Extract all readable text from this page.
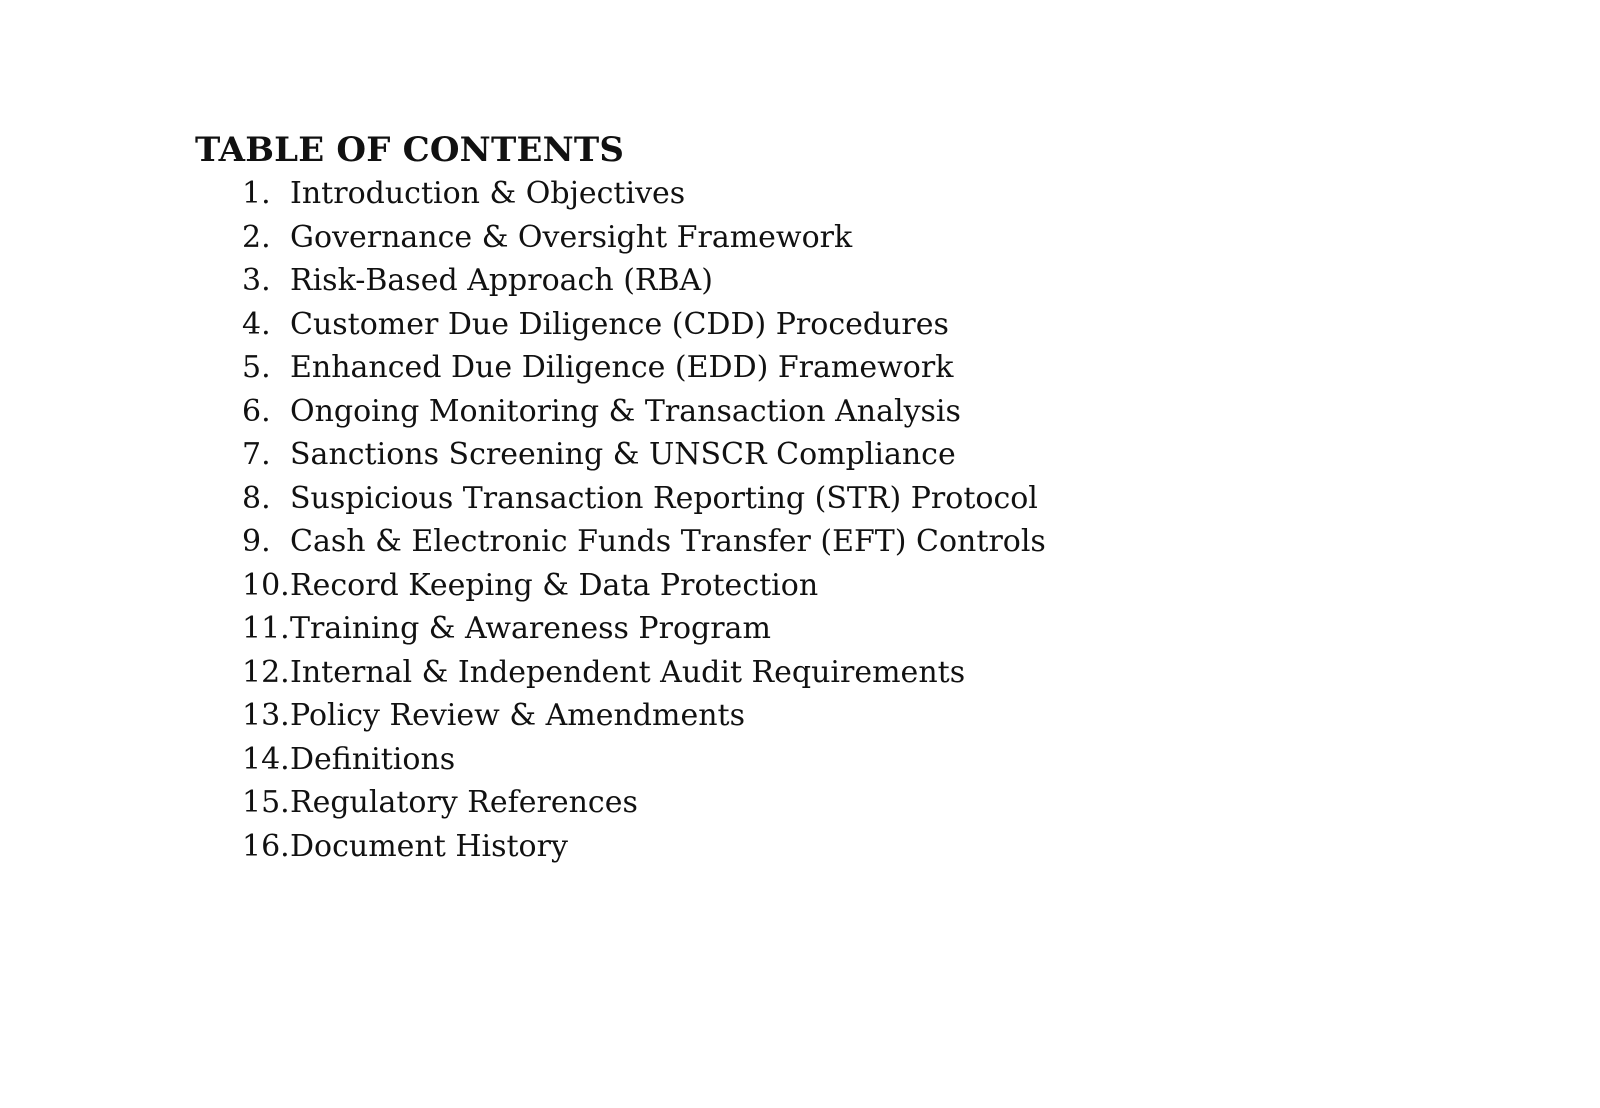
TABLE OF CONTENTS
1. Introduction & Objectives
2. Governance & Oversight Framework
3. Risk-Based Approach (RBA)
4. Customer Due Diligence (CDD) Procedures
5. Enhanced Due Diligence (EDD) Framework
6. Ongoing Monitoring & Transaction Analysis
7. Sanctions Screening & UNSCR Compliance
8. Suspicious Transaction Reporting (STR) Protocol
9. Cash & Electronic Funds Transfer (EFT) Controls
10. Record Keeping & Data Protection
11. Training & Awareness Program
12. Internal & Independent Audit Requirements
13. Policy Review & Amendments
14. Definitions
15. Regulatory References
16. Document History
